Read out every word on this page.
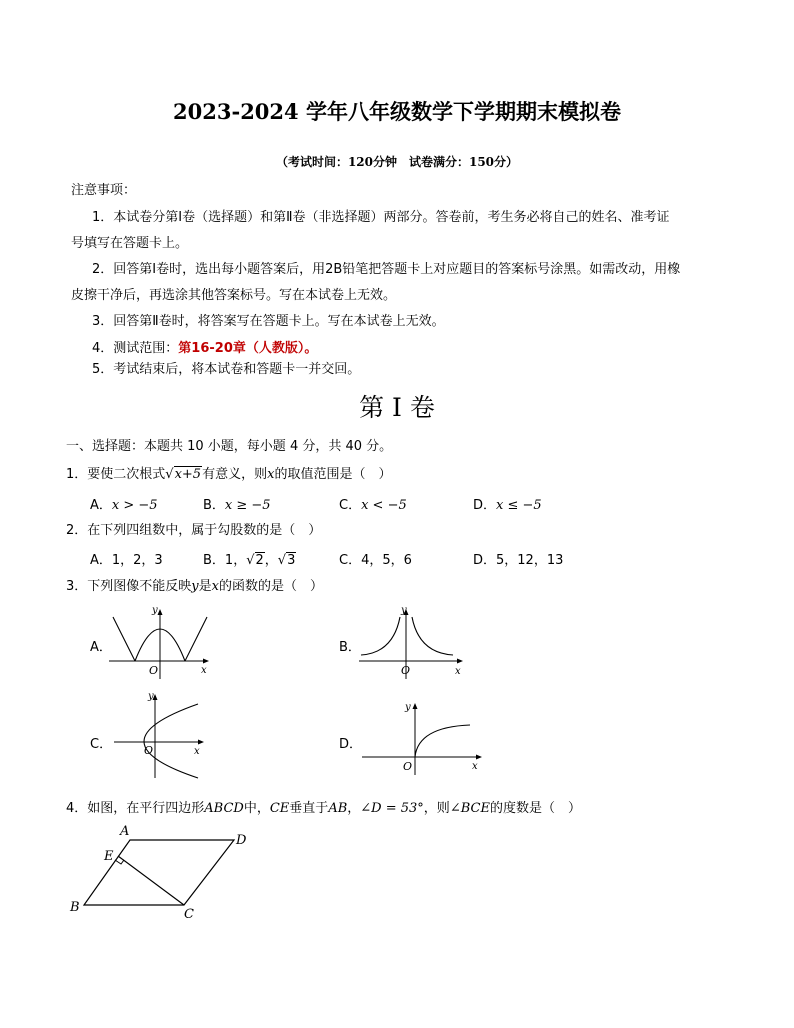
2023-2024 学年八年级数学下学期期末模拟卷
（考试时间：120分钟　试卷满分：150分）
注意事项：
1．本试卷分第Ⅰ卷（选择题）和第Ⅱ卷（非选择题）两部分。答卷前，考生务必将自己的姓名、准考证
号填写在答题卡上。
2．回答第Ⅰ卷时，选出每小题答案后，用2B铅笔把答题卡上对应题目的答案标号涂黑。如需改动，用橡
皮擦干净后，再选涂其他答案标号。写在本试卷上无效。
3．回答第Ⅱ卷时，将答案写在答题卡上。写在本试卷上无效。
4．测试范围：第16-20章（人教版）。
5．考试结束后，将本试卷和答题卡一并交回。
第 I 卷
一、选择题：本题共 10 小题，每小题 4 分，共 40 分。
1．要使二次根式√x+5有意义，则x的取值范围是（　）
A．x > −5	B．x ≥ −5	C．x < −5	D．x ≤ −5
2．在下列四组数中，属于勾股数的是（　）
A．1，2，3	B．1，√2，√3	C．4，5，6	D．5，12，13
3．下列图像不能反映y是x的函数的是（　）
A．	B．
C．	D．
y
x
O
y
x
O
y
x
O
y
x
O
4．如图，在平行四边形ABCD中，CE垂直于AB，∠D = 53°，则∠BCE的度数是（　）
A
D
E
B	C
